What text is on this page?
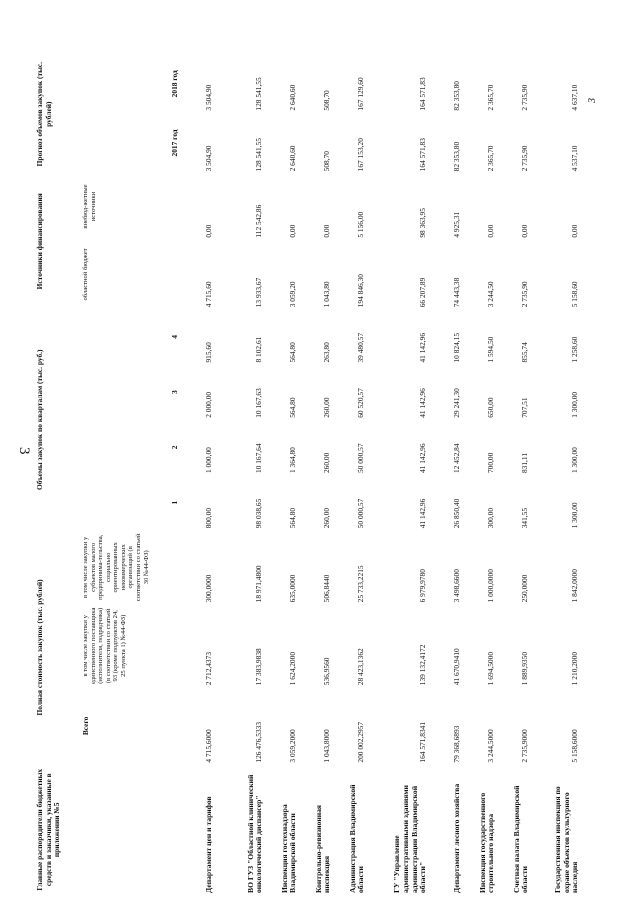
3
3
Главные распорядители бюджетных средств и заказчики, указанные в приложении №5	Полная стоимость закупок (тыс. рублей)			Объемы закупок по кварталам (тыс. руб.)				Источники финансирования		Прогноз объемов закупок (тыс. рублей)	
	Всего	в том числе закупки у единственного поставщика (исполнителя, подрядчика) (в соответствии со статьей 93 (кроме подпунктов 24, 25 пункта 1) №44-ФЗ)	в том числе закупки у субъектов малого предпринима-тельства, социально ориентированных некоммерческих организаций (в соответствии со статьей 30 №44-ФЗ)	1	2	3	4	областной бюджет	внебюд-жетные источники	2017 год	2018 год
Департамент цен и тарифов	4 715,6000	2 712,4373	300,0000	800,00	1 000,00	2 000,00	915,60	4 715,60	0,00	3 504,90	3 504,90
ВО ГУЗ "Областной клинический онкологический диспансер"	126 476,5333	17 383,9838	18 971,4800	98 038,65	10 167,64	10 167,63	8 102,61	13 933,67	112 542,86	128 541,55	128 541,55
Инспекция гостехнадзора Владимирской области	3 059,2000	1 624,2000	635,0000	564,80	1 364,80	564,80	564,80	3 059,20	0,00	2 640,60	2 640,60
Контрольно-ревизионная инспекция	1 043,8000	536,9560	506,8440	260,00	260,00	260,00	263,80	1 043,80	0,00	508,70	508,70
Администрация Владимирской области	200 002,2957	28 423,1362	25 733,2215	50 000,57	50 000,57	60 520,57	39 480,57	194 846,30	5 156,00	167 153,20	167 129,60
ГУ "Управление административными зданиями администрации Владимирской области"	164 571,8341	139 132,4172	6 979,9780	41 142,96	41 142,96	41 142,96	41 142,96	66 207,89	98 363,95	164 571,83	164 571,83
Департамент лесного хозяйства	79 368,6893	41 670,9410	3 498,6600	26 850,40	12 452,84	29 241,30	10 824,15	74 443,38	4 925,31	82 353,80	82 353,80
Инспекция государственного строительного надзора	3 244,5000	1 694,5000	1 000,0000	300,00	700,00	650,00	1 594,50	3 244,50	0,00	2 365,70	2 365,70
Счетная палата Владимирской области	2 735,9000	1 889,9350	250,0000	341,55	831,11	707,51	855,74	2 735,90	0,00	2 735,90	2 735,90
Государственная инспекция по охране объектов культурного наследия	5 158,6000	1 210,2000	1 842,0000	1 300,00	1 300,00	1 300,00	1 258,60	5 158,60	0,00	4 537,10	4 637,10
